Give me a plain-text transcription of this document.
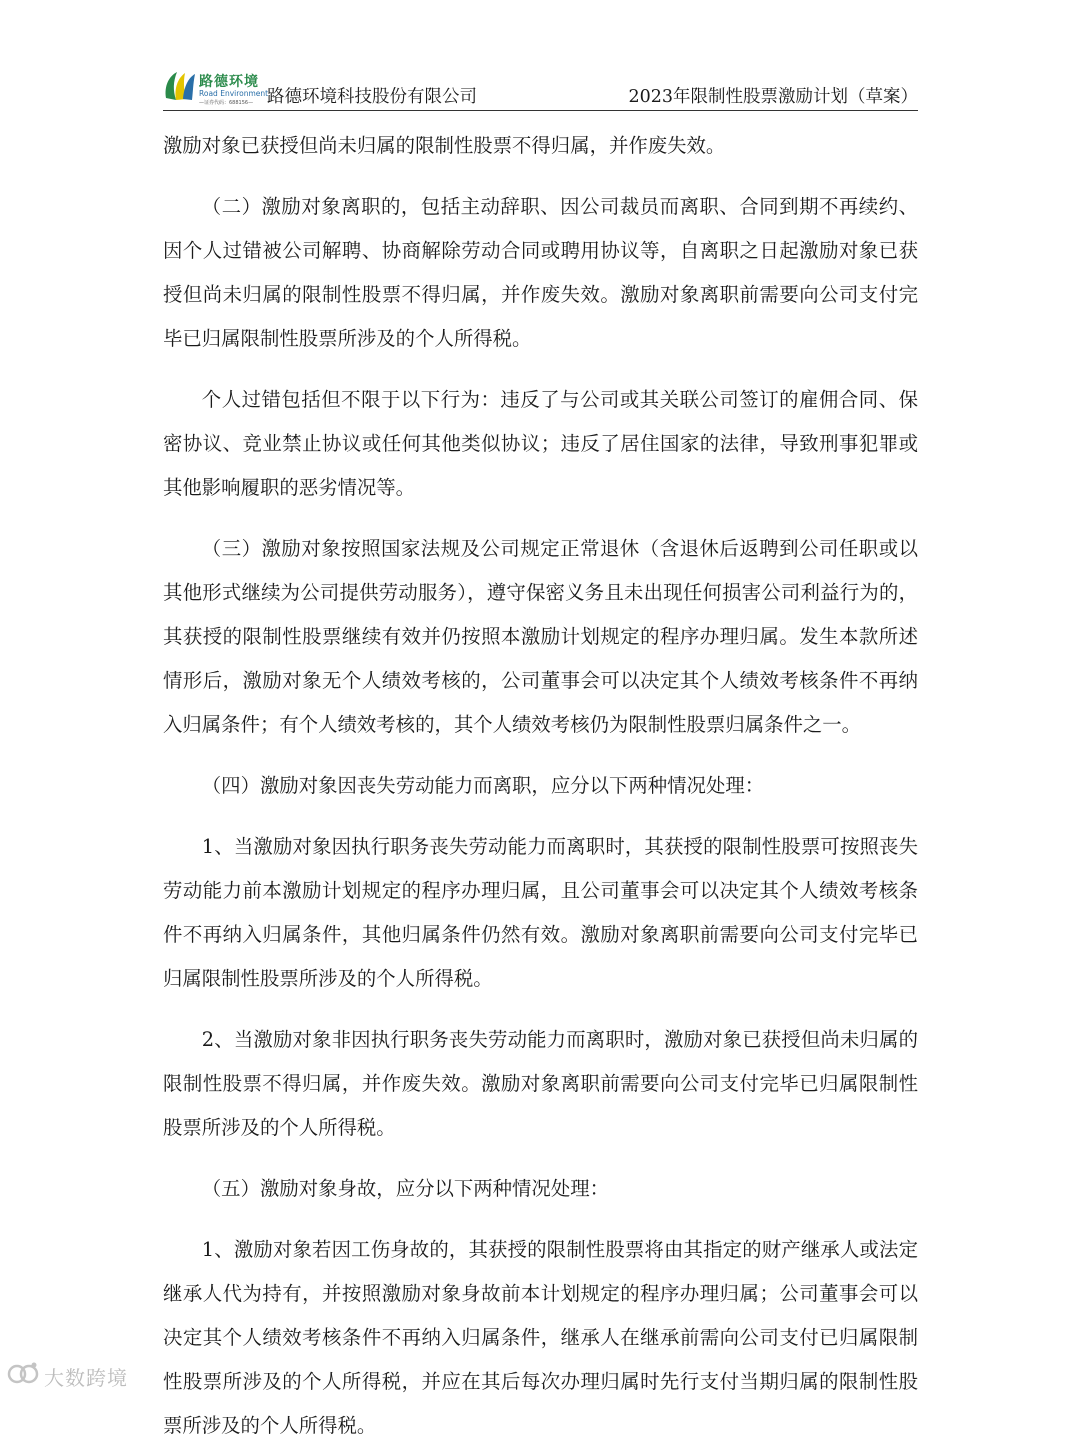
路德环境
Road Environment
—证券代码：688156— 路德环境科技股份有限公司	2023年限制性股票激励计划（草案）

激励对象已获授但尚未归属的限制性股票不得归属，并作废失效。

（二）激励对象离职的，包括主动辞职、因公司裁员而离职、合同到期不再续约、因个人过错被公司解聘、协商解除劳动合同或聘用协议等，自离职之日起激励对象已获授但尚未归属的限制性股票不得归属，并作废失效。激励对象离职前需要向公司支付完毕已归属限制性股票所涉及的个人所得税。

个人过错包括但不限于以下行为：违反了与公司或其关联公司签订的雇佣合同、保密协议、竞业禁止协议或任何其他类似协议；违反了居住国家的法律，导致刑事犯罪或其他影响履职的恶劣情况等。

（三）激励对象按照国家法规及公司规定正常退休（含退休后返聘到公司任职或以其他形式继续为公司提供劳动服务），遵守保密义务且未出现任何损害公司利益行为的，其获授的限制性股票继续有效并仍按照本激励计划规定的程序办理归属。发生本款所述情形后，激励对象无个人绩效考核的，公司董事会可以决定其个人绩效考核条件不再纳入归属条件；有个人绩效考核的，其个人绩效考核仍为限制性股票归属条件之一。

（四）激励对象因丧失劳动能力而离职，应分以下两种情况处理：

1、当激励对象因执行职务丧失劳动能力而离职时，其获授的限制性股票可按照丧失劳动能力前本激励计划规定的程序办理归属，且公司董事会可以决定其个人绩效考核条件不再纳入归属条件，其他归属条件仍然有效。激励对象离职前需要向公司支付完毕已归属限制性股票所涉及的个人所得税。

2、当激励对象非因执行职务丧失劳动能力而离职时，激励对象已获授但尚未归属的限制性股票不得归属，并作废失效。激励对象离职前需要向公司支付完毕已归属限制性股票所涉及的个人所得税。

（五）激励对象身故，应分以下两种情况处理：

1、激励对象若因工伤身故的，其获授的限制性股票将由其指定的财产继承人或法定继承人代为持有，并按照激励对象身故前本计划规定的程序办理归属；公司董事会可以决定其个人绩效考核条件不再纳入归属条件，继承人在继承前需向公司支付已归属限制性股票所涉及的个人所得税，并应在其后每次办理归属时先行支付当期归属的限制性股票所涉及的个人所得税。

大数跨境
